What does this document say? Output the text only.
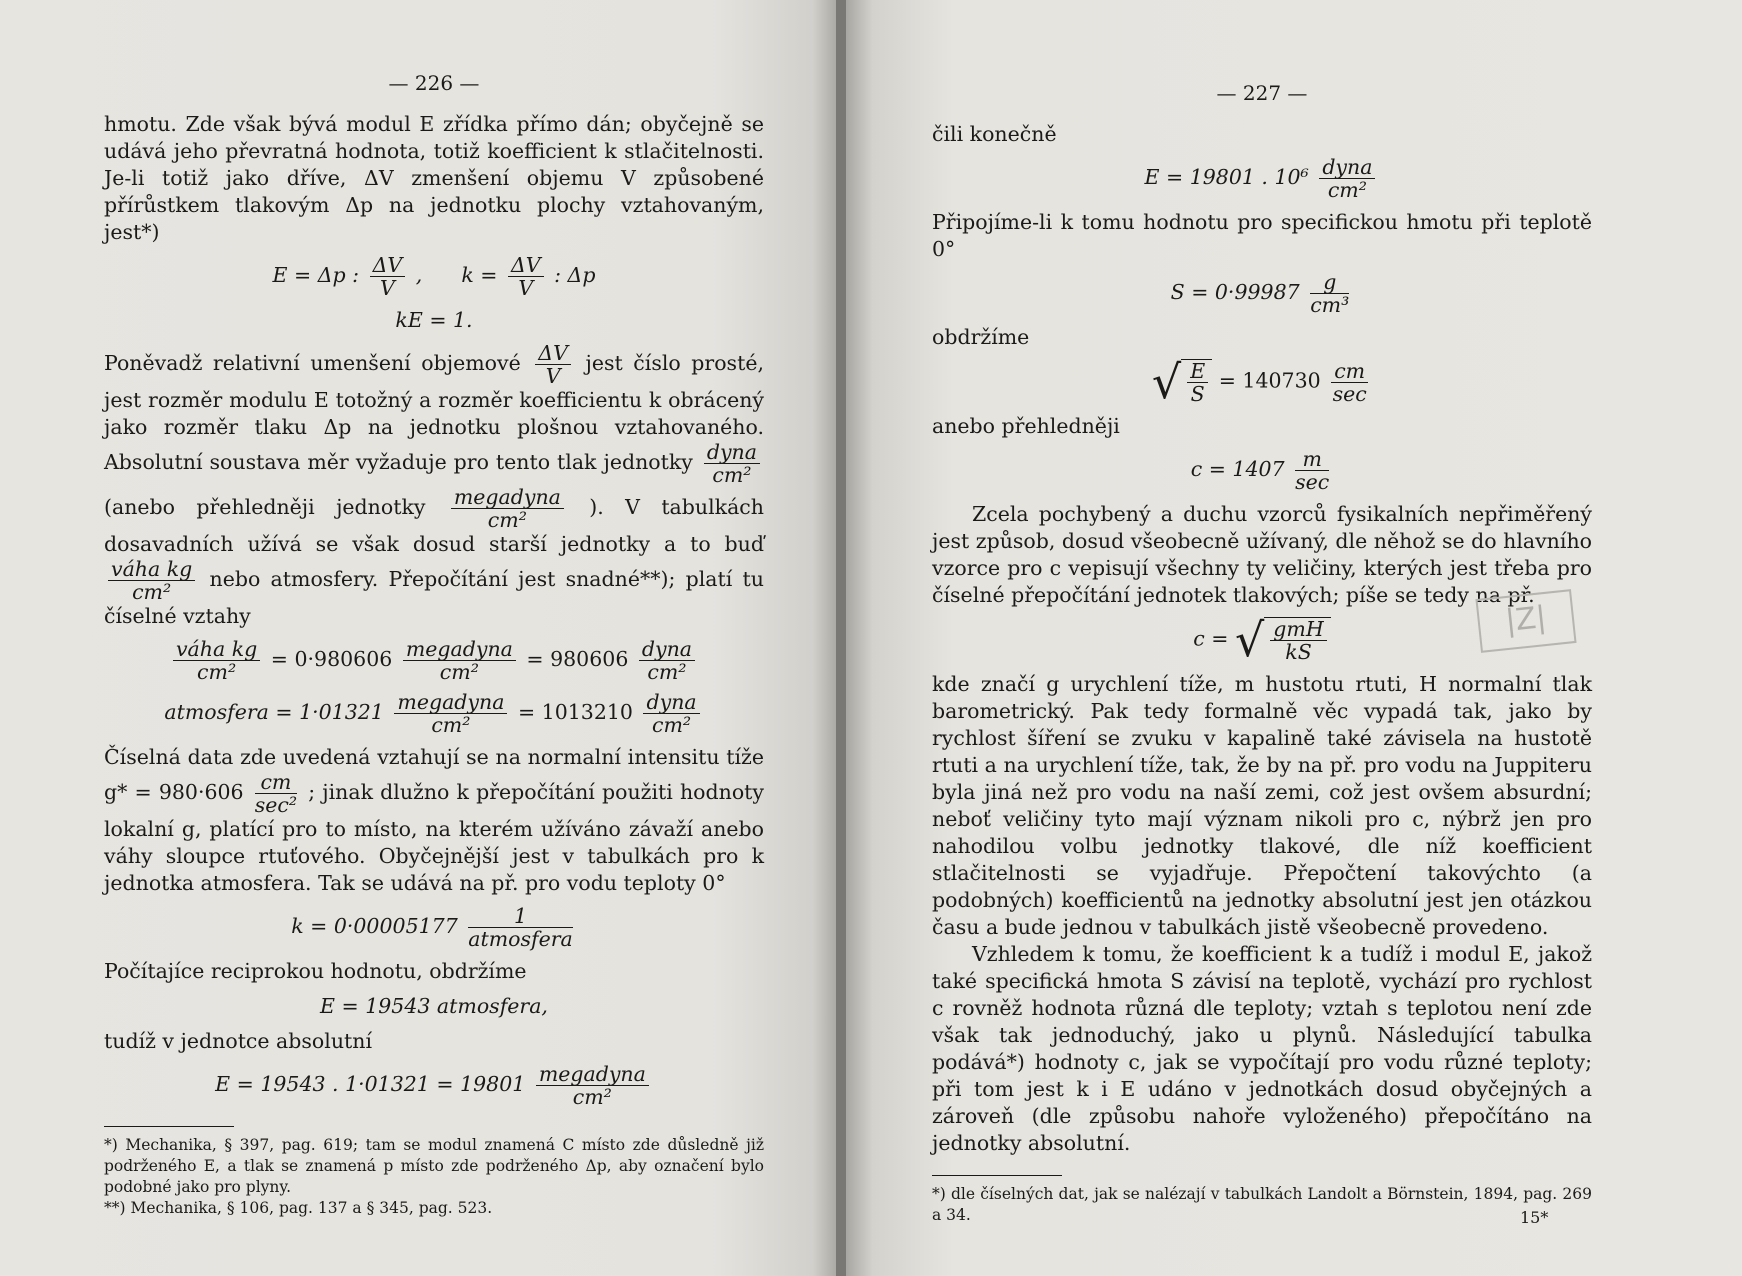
— 226 —

hmotu. Zde však bývá modul E zřídka přímo dán; obyčejně se udává jeho převratná hodnota, totiž koefficient k stlačitelnosti. Je-li totiž jako dříve, ΔV zmenšení objemu V způsobené přírůstkem tlakovým Δp na jednotku plochy vztahovaným, jest*)

E = Δp : $\frac{\Delta V}{V}$ ,      $k = \frac{\Delta V}{V}$ : Δp
kE = 1.

Poněvadž relativní umenšení objemové $\frac{\Delta V}{V}$ jest číslo prosté, jest rozměr modulu E totožný a rozměr koefficientu k obrácený jako rozměr tlaku Δp na jednotku plošnou vztahovaného. Absolutní soustava měr vyžaduje pro tento tlak jednotky $\frac{\text{dyna}}{\text{cm²}}$
(anebo přehledněji jednotky $\frac{\text{megadyna}}{\text{cm²}}$ ). V tabulkách dosavadních užívá se však dosud starší jednotky a to buď
$\frac{\text{váha kg}}{\text{cm²}}$ nebo atmosfery. Přepočítání jest snadné**); platí tu číselné vztahy

$\frac{\text{váha kg}}{\text{cm²}} = 0\cdot 980606 \frac{\text{megadyna}}{\text{cm²}} = 980606 \frac{\text{dyna}}{\text{cm²}}$
atmosfera = $1\cdot 01321 \frac{\text{megadyna}}{\text{cm²}} = 1013210 \frac{\text{dyna}}{\text{cm²}}$

Číselná data zde uvedená vztahují se na normalní intensitu tíže $g* = 980\cdot 606 \frac{cm}{\text{sec²}}$ ; jinak dlužno k přepočítání použiti hodnoty lokalní g, platící pro to místo, na kterém užíváno závaží anebo váhy sloupce rtuťového. Obyčejnější jest v tabulkách pro k jednotka atmosfera. Tak se udává na př. pro vodu teploty 0°

$k = 0\cdot 00005177 \frac{1}{\text{atmosfera}}$
Počítajíce reciprokou hodnotu, obdržíme
E = 19543 atmosfera,
tudíž v jednotce absolutní
E = 19543 . $1\cdot 01321 = 19801 \frac{\text{megadyna}}{\text{cm²}}$
*) Mechanika, § 397, pag. 619; tam se modul znamená C místo zde důsledně již podrženého E, a tlak se znamená p místo zde podrženého Δp, aby označení bylo podobné jako pro plyny.
**) Mechanika, § 106, pag. 137 a § 345, pag. 523.
— 227 —
čili konečně
E = 19801 . $10^6 \frac{\text{dyna}}{\text{cm²}}$

Připojíme-li k tomu hodnotu pro specifickou hmotu při teplotě 0°

$S = 0\cdot 99987 \frac{g}{\text{cm³}}$
obdržíme
√ $\frac{E}{S} = 140730 \frac{cm}{\sec}$
anebo přehledněji
$c = 1407 \frac{m}{\sec}$

Zcela pochybený a duchu vzorců fysikalních nepřiměřený jest způsob, dosud všeobecně užívaný, dle něhož se do hlavního vzorce pro c vepisují všechny ty veličiny, kterých jest třeba pro číselné přepočítání jednotek tlakových; píše se tedy na př.

c = √ $\frac{\text{gmH}}{kS}$

kde značí g urychlení tíže, m hustotu rtuti, H normalní tlak barometrický. Pak tedy formalně věc vypadá tak, jako by rychlost šíření se zvuku v kapalině také závisela na hustotě rtuti a na urychlení tíže, tak, že by na př. pro vodu na Juppiteru byla jiná než pro vodu na naší zemi, což jest ovšem absurdní; neboť veličiny tyto mají význam nikoli pro c, nýbrž jen pro nahodilou volbu jednotky tlakové, dle níž koefficient stlačitelnosti se vyjadřuje. Přepočtení takovýchto (a podobných) koefficientů na jednotky absolutní jest jen otázkou času a bude jednou v tabulkách jistě všeobecně provedeno.

Vzhledem k tomu, že koefficient k a tudíž i modul E, jakož také specifická hmota S závisí na teplotě, vychází pro rychlost c rovněž hodnota různá dle teploty; vztah s teplotou není zde však tak jednoduchý, jako u plynů. Následující tabulka podává*) hodnoty c, jak se vypočítají pro vodu různé teploty; při tom jest k i E udáno v jednotkách dosud obyčejných a zároveň (dle způsobu nahoře vyloženého) přepočítáno na jednotky absolutní.

*) dle číselných dat, jak se nalézají v tabulkách Landolt a Börnstein, 1894, pag. 269 a 34.
|Z|
15*
